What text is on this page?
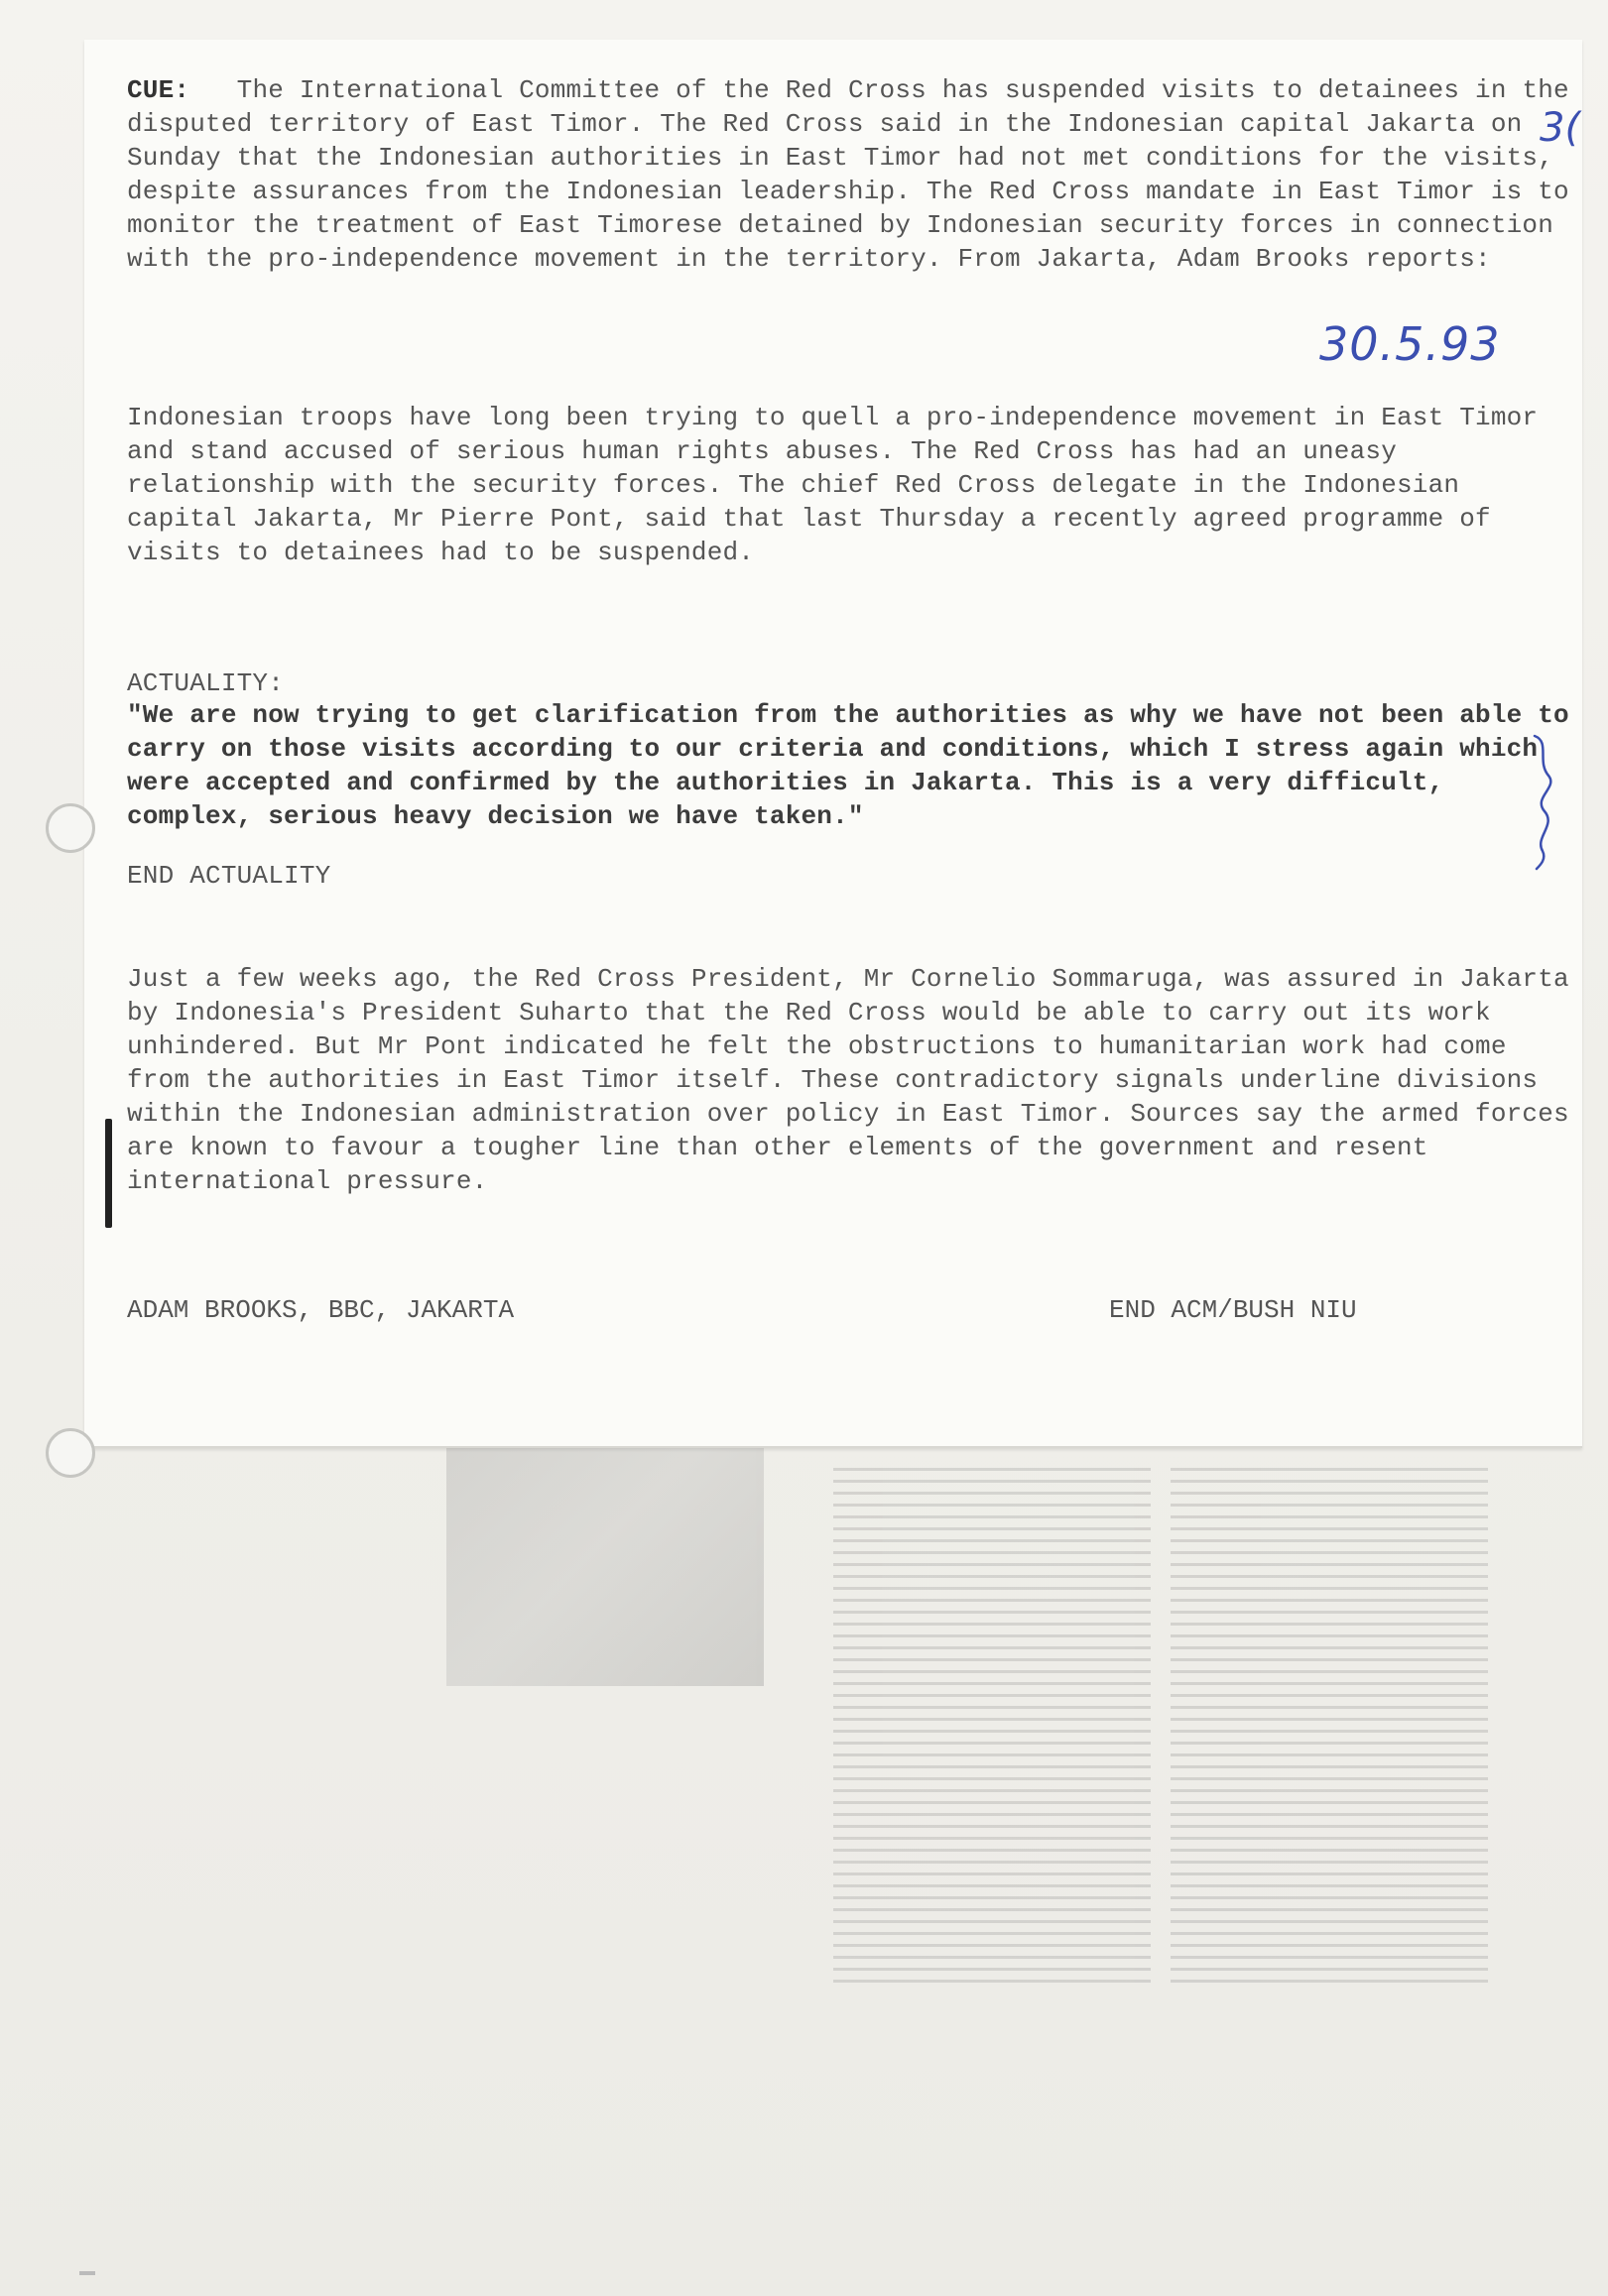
CUE: The International Committee of the Red Cross has suspended visits to detainees in the disputed territory of East Timor. The Red Cross said in the Indonesian capital Jakarta on Sunday that the Indonesian authorities in East Timor had not met conditions for the visits, despite assurances from the Indonesian leadership. The Red Cross mandate in East Timor is to monitor the treatment of East Timorese detained by Indonesian security forces in connection with the pro-independence movement in the territory. From Jakarta, Adam Brooks reports:

3(
30.5.93

Indonesian troops have long been trying to quell a pro-independence movement in East Timor and stand accused of serious human rights abuses. The Red Cross has had an uneasy relationship with the security forces. The chief Red Cross delegate in the Indonesian capital Jakarta, Mr Pierre Pont, said that last Thursday a recently agreed programme of visits to detainees had to be suspended.

ACTUALITY:

"We are now trying to get clarification from the authorities as why we have not been able to carry on those visits according to our criteria and conditions, which I stress again which were accepted and confirmed by the authorities in Jakarta. This is a very difficult, complex, serious heavy decision we have taken."

END ACTUALITY

Just a few weeks ago, the Red Cross President, Mr Cornelio Sommaruga, was assured in Jakarta by Indonesia's President Suharto that the Red Cross would be able to carry out its work unhindered. But Mr Pont indicated he felt the obstructions to humanitarian work had come from the authorities in East Timor itself. These contradictory signals underline divisions within the Indonesian administration over policy in East Timor. Sources say the armed forces are known to favour a tougher line than other elements of the government and resent international pressure.

ADAM BROOKS, BBC, JAKARTA	END ACM/BUSH NIU
